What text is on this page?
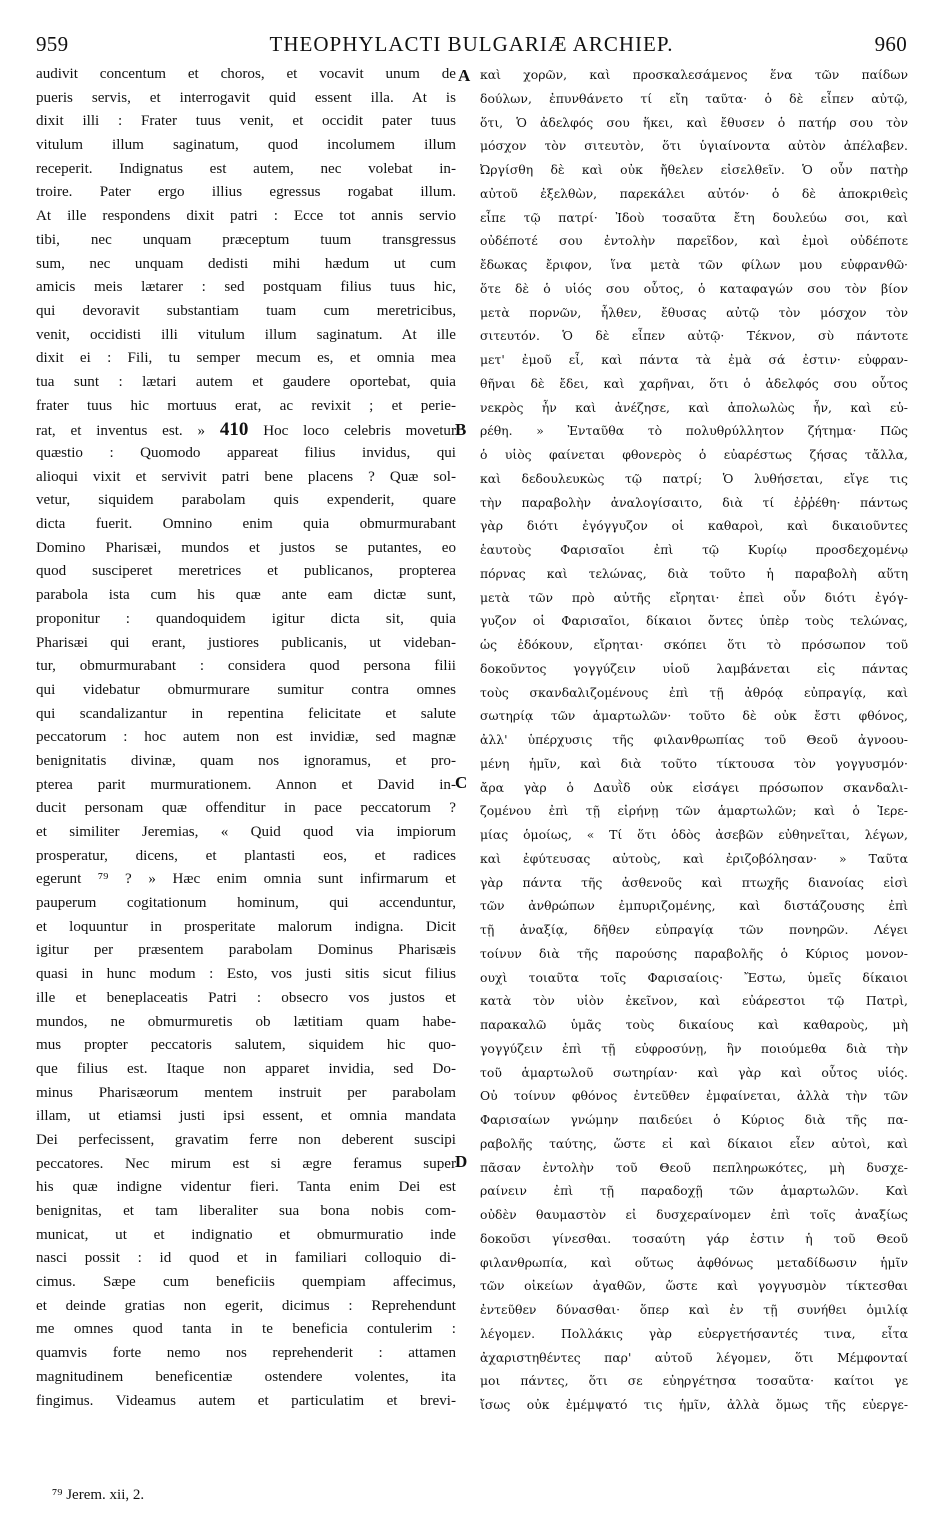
959	THEOPHYLACTI BULGARIÆ ARCHIEP.	960
audivit concentum et choros, et vocavit unum de
pueris servis, et interrogavit quid essent illa. At is
dixit illi : Frater tuus venit, et occidit pater tuus
vitulum illum saginatum, quod incolumem illum
receperit. Indignatus est autem, nec volebat in-
troire. Pater ergo illius egressus rogabat illum.
At ille respondens dixit patri : Ecce tot annis servio
tibi, nec unquam præceptum tuum transgressus
sum, nec unquam dedisti mihi hædum ut cum
amicis meis lætarer : sed postquam filius tuus hic,
qui devoravit substantiam tuam cum meretricibus,
venit, occidisti illi vitulum illum saginatum. At ille
dixit ei : Fili, tu semper mecum es, et omnia mea
tua sunt : lætari autem et gaudere oportebat, quia
frater tuus hic mortuus erat, ac revixit ; et perie-
rat, et inventus est. » 410 Hoc loco celebris movetur
quæstio : Quomodo appareat filius invidus, qui
alioqui vixit et servivit patri bene placens ? Quæ sol-
vetur, siquidem parabolam quis expenderit, quare
dicta fuerit. Omnino enim quia obmurmurabant
Domino Pharisæi, mundos et justos se putantes, eo
quod susciperet meretrices et publicanos, propterea
parabola ista cum his quæ ante eam dictæ sunt,
proponitur : quandoquidem igitur dicta sit, quia
Pharisæi qui erant, justiores publicanis, ut videban-
tur, obmurmurabant : considera quod persona filii
qui videbatur obmurmurare sumitur contra omnes
qui scandalizantur in repentina felicitate et salute
peccatorum : hoc autem non est invidiæ, sed magnæ
benignitatis divinæ, quam nos ignoramus, et pro-
pterea parit murmurationem. Annon et David in-
ducit personam quæ offenditur in pace peccatorum ?
et similiter Jeremias, « Quid quod via impiorum
prosperatur, dicens, et plantasti eos, et radices
egerunt ⁷⁹ ? » Hæc enim omnia sunt infirmarum et
pauperum cogitationum hominum, qui accenduntur,
et loquuntur in prosperitate malorum indigna. Dicit
igitur per præsentem parabolam Dominus Pharisæis
quasi in hunc modum : Esto, vos justi sitis sicut filius
ille et beneplaceatis Patri : obsecro vos justos et
mundos, ne obmurmuretis ob lætitiam quam habe-
mus propter peccatoris salutem, siquidem hic quo-
que filius est. Itaque non apparet invidia, sed Do-
minus Pharisæorum mentem instruit per parabolam
illam, ut etiamsi justi ipsi essent, et omnia mandata
Dei perfecissent, gravatim ferre non deberent suscipi
peccatores. Nec mirum est si ægre feramus super
his quæ indigne videntur fieri. Tanta enim Dei est
benignitas, et tam liberaliter sua bona nobis com-
municat, ut et indignatio et obmurmuratio inde
nasci possit : id quod et in familiari colloquio di-
cimus. Sæpe cum beneficiis quempiam affecimus,
et deinde gratias non egerit, dicimus : Reprehendunt
me omnes quod tanta in te beneficia contulerim :
quamvis forte nemo nos reprehenderit : attamen
magnitudinem beneficentiæ ostendere volentes, ita
fingimus. Videamus autem et particulatim et brevi-
καὶ χορῶν, καὶ προσκαλεσάμενος ἕνα τῶν παίδων
δούλων, ἐπυνθάνετο τί εἴη ταῦτα· ὁ δὲ εἶπεν αὐτῷ,
ὅτι, Ὁ ἀδελφός σου ἥκει, καὶ ἔθυσεν ὁ πατήρ σου τὸν
μόσχον τὸν σιτευτὸν, ὅτι ὑγιαίνοντα αὐτὸν ἀπέλαβεν.
Ὠργίσθη δὲ καὶ οὐκ ἤθελεν εἰσελθεῖν. Ὁ οὖν πατὴρ
αὐτοῦ ἐξελθὼν, παρεκάλει αὐτόν· ὁ δὲ ἀποκριθεὶς
εἶπε τῷ πατρί· Ἰδοὺ τοσαῦτα ἔτη δουλεύω σοι, καὶ
οὐδέποτέ σου ἐντολὴν παρεῖδον, καὶ ἐμοὶ οὐδέποτε
ἔδωκας ἔριφον, ἵνα μετὰ τῶν φίλων μου εὐφρανθῶ·
ὅτε δὲ ὁ υἱός σου οὗτος, ὁ καταφαγών σου τὸν βίον
μετὰ πορνῶν, ἦλθεν, ἔθυσας αὐτῷ τὸν μόσχον τὸν
σιτευτόν. Ὁ δὲ εἶπεν αὐτῷ· Τέκνον, σὺ πάντοτε
μετ' ἐμοῦ εἶ, καὶ πάντα τὰ ἐμὰ σά ἐστιν· εὐφραν-
θῆναι δὲ ἔδει, καὶ χαρῆναι, ὅτι ὁ ἀδελφός σου οὗτος
νεκρὸς ἦν καὶ ἀνέζησε, καὶ ἀπολωλὼς ἦν, καὶ εὑ-
ρέθη. » Ἐνταῦθα τὸ πολυθρύλλητον ζήτημα· Πῶς
ὁ υἱὸς φαίνεται φθονερὸς ὁ εὐαρέστως ζήσας τἄλλα,
καὶ δεδουλευκὼς τῷ πατρί; Ὁ λυθήσεται, εἴγε τις
τὴν παραβολὴν ἀναλογίσαιτο, διὰ τί ἐῤῥέθη· πάντως
γὰρ διότι ἐγόγγυζον οἱ καθαροὶ, καὶ δικαιοῦντες
ἑαυτοὺς Φαρισαῖοι ἐπὶ τῷ Κυρίῳ προσδεχομένῳ
πόρνας καὶ τελώνας, διὰ τοῦτο ἡ παραβολὴ αὕτη
μετὰ τῶν πρὸ αὐτῆς εἴρηται· ἐπεὶ οὖν διότι ἐγόγ-
γυζον οἱ Φαρισαῖοι, δίκαιοι ὄντες ὑπὲρ τοὺς τελώνας,
ὡς ἐδόκουν, εἴρηται· σκόπει ὅτι τὸ πρόσωπον τοῦ
δοκοῦντος γογγύζειν υἱοῦ λαμβάνεται εἰς πάντας
τοὺς σκανδαλιζομένους ἐπὶ τῇ ἀθρόᾳ εὐπραγίᾳ, καὶ
σωτηρίᾳ τῶν ἁμαρτωλῶν· τοῦτο δὲ οὐκ ἔστι φθόνος,
ἀλλ' ὑπέρχυσις τῆς φιλανθρωπίας τοῦ Θεοῦ ἀγνοου-
μένη ἡμῖν, καὶ διὰ τοῦτο τίκτουσα τὸν γογγυσμόν·
ἄρα γὰρ ὁ Δαυῒδ οὐκ εἰσάγει πρόσωπον σκανδαλι-
ζομένου ἐπὶ τῇ εἰρήνῃ τῶν ἁμαρτωλῶν; καὶ ὁ Ἱερε-
μίας ὁμοίως, « Τί ὅτι ὁδὸς ἀσεβῶν εὐθηνεῖται, λέγων,
καὶ ἐφύτευσας αὐτοὺς, καὶ ἐριζοβόλησαν· » Ταῦτα
γὰρ πάντα τῆς ἀσθενοῦς καὶ πτωχῆς διανοίας εἰσὶ
τῶν ἀνθρώπων ἐμπυριζομένης, καὶ διστάζουσης ἐπὶ
τῇ ἀναξίᾳ, δῆθεν εὐπραγίᾳ τῶν πονηρῶν. Λέγει
τοίνυν διὰ τῆς παρούσης παραβολῆς ὁ Κύριος μονον-
ουχὶ τοιαῦτα τοῖς Φαρισαίοις· Ἔστω, ὑμεῖς δίκαιοι
κατὰ τὸν υἱὸν ἐκεῖνον, καὶ εὐάρεστοι τῷ Πατρὶ,
παρακαλῶ ὑμᾶς τοὺς δικαίους καὶ καθαροὺς, μὴ
γογγύζειν ἐπὶ τῇ εὐφροσύνῃ, ἣν ποιούμεθα διὰ τὴν
τοῦ ἁμαρτωλοῦ σωτηρίαν· καὶ γὰρ καὶ οὗτος υἱός.
Οὐ τοίνυν φθόνος ἐντεῦθεν ἐμφαίνεται, ἀλλὰ τὴν τῶν
Φαρισαίων γνώμην παιδεύει ὁ Κύριος διὰ τῆς πα-
ραβολῆς ταύτης, ὥστε εἰ καὶ δίκαιοι εἶεν αὐτοὶ, καὶ
πᾶσαν ἐντολὴν τοῦ Θεοῦ πεπληρωκότες, μὴ δυσχε-
ραίνειν ἐπὶ τῇ παραδοχῇ τῶν ἁμαρτωλῶν. Καὶ
οὐδὲν θαυμαστὸν εἰ δυσχεραίνομεν ἐπὶ τοῖς ἀναξίως
δοκοῦσι γίνεσθαι. τοσαύτη γάρ ἐστιν ἡ τοῦ Θεοῦ
φιλανθρωπία, καὶ οὕτως ἀφθόνως μεταδίδωσιν ἡμῖν
τῶν οἰκείων ἀγαθῶν, ὥστε καὶ γογγυσμὸν τίκτεσθαι
ἐντεῦθεν δύνασθαι· ὅπερ καὶ ἐν τῇ συνήθει ὁμιλίᾳ
λέγομεν. Πολλάκις γὰρ εὐεργετήσαντές τινα, εἶτα
ἀχαριστηθέντες παρ' αὐτοῦ λέγομεν, ὅτι Μέμφονταί
μοι πάντες, ὅτι σε εὐηργέτησα τοσαῦτα· καίτοι γε
ἴσως οὐκ ἐμέμψατό τις ἡμῖν, ἀλλὰ ὅμως τῆς εὐεργε-
A
B
C
D
⁷⁹ Jerem. xii, 2.
